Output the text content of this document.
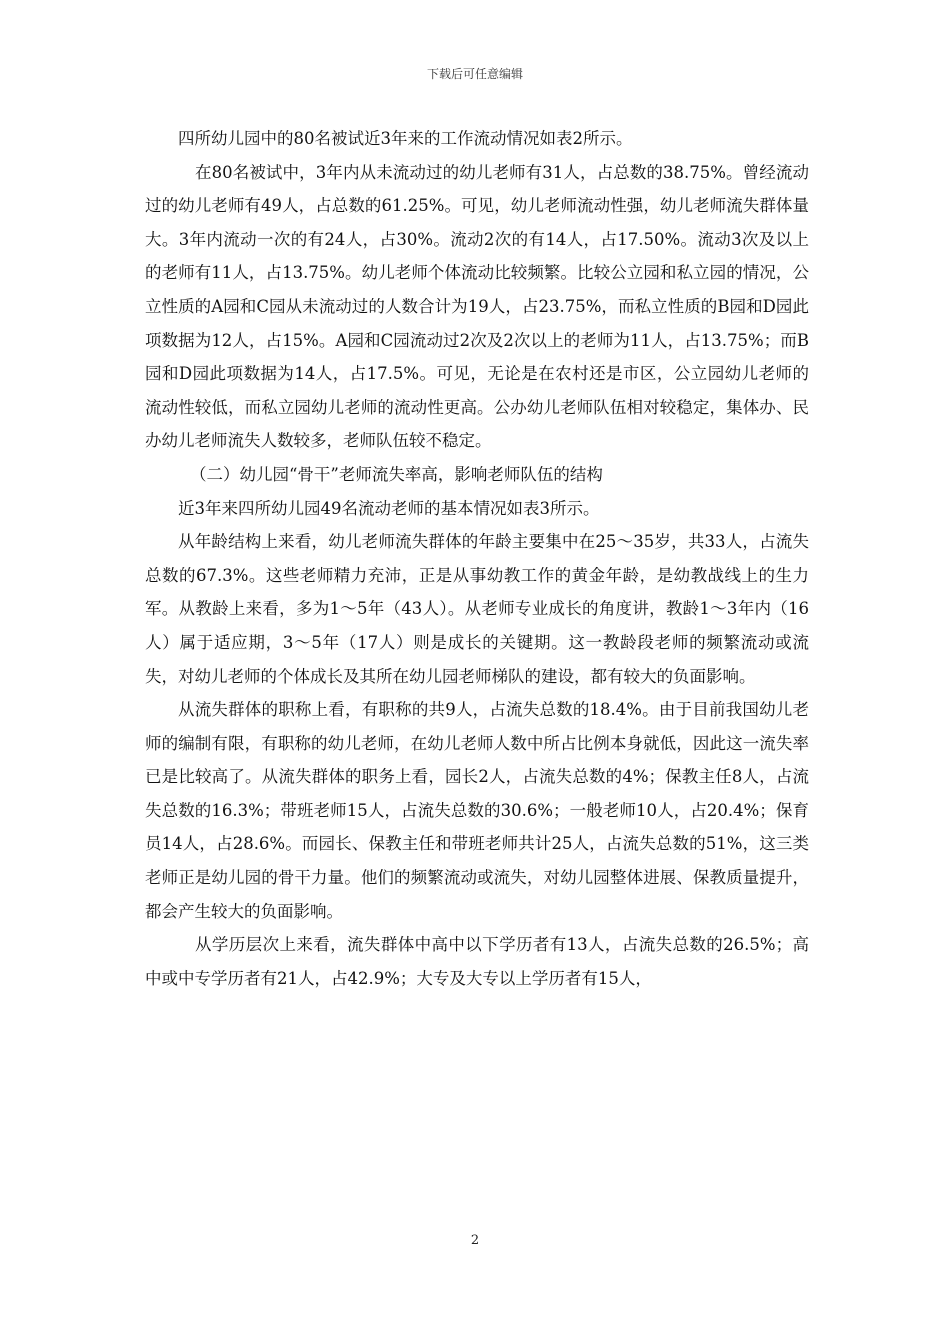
下载后可任意编辑

四所幼儿园中的80名被试近3年来的工作流动情况如表2所示。

在80名被试中，3年内从未流动过的幼儿老师有31人，占总数的38.75%。曾经流动过的幼儿老师有49人，占总数的61.25%。可见，幼儿老师流动性强，幼儿老师流失群体量大。3年内流动一次的有24人，占30%。流动2次的有14人，占17.50%。流动3次及以上的老师有11人，占13.75%。幼儿老师个体流动比较频繁。比较公立园和私立园的情况，公立性质的A园和C园从未流动过的人数合计为19人，占23.75%，而私立性质的B园和D园此项数据为12人，占15%。A园和C园流动过2次及2次以上的老师为11人，占13.75%；而B园和D园此项数据为14人，占17.5%。可见，无论是在农村还是市区，公立园幼儿老师的流动性较低，而私立园幼儿老师的流动性更高。公办幼儿老师队伍相对较稳定，集体办、民办幼儿老师流失人数较多，老师队伍较不稳定。

（二）幼儿园“骨干”老师流失率高，影响老师队伍的结构

近3年来四所幼儿园49名流动老师的基本情况如表3所示。

从年龄结构上来看，幼儿老师流失群体的年龄主要集中在25～35岁，共33人，占流失总数的67.3%。这些老师精力充沛，正是从事幼教工作的黄金年龄，是幼教战线上的生力军。从教龄上来看，多为1～5年（43人）。从老师专业成长的角度讲，教龄1～3年内（16人）属于适应期，3～5年（17人）则是成长的关键期。这一教龄段老师的频繁流动或流失，对幼儿老师的个体成长及其所在幼儿园老师梯队的建设，都有较大的负面影响。

从流失群体的职称上看，有职称的共9人，占流失总数的18.4%。由于目前我国幼儿老师的编制有限，有职称的幼儿老师，在幼儿老师人数中所占比例本身就低，因此这一流失率已是比较高了。从流失群体的职务上看，园长2人，占流失总数的4%；保教主任8人，占流失总数的16.3%；带班老师15人，占流失总数的30.6%；一般老师10人，占20.4%；保育员14人，占28.6%。而园长、保教主任和带班老师共计25人，占流失总数的51%，这三类老师正是幼儿园的骨干力量。他们的频繁流动或流失，对幼儿园整体进展、保教质量提升，都会产生较大的负面影响。

从学历层次上来看，流失群体中高中以下学历者有13人，占流失总数的26.5%；高中或中专学历者有21人，占42.9%；大专及大专以上学历者有15人，

2
